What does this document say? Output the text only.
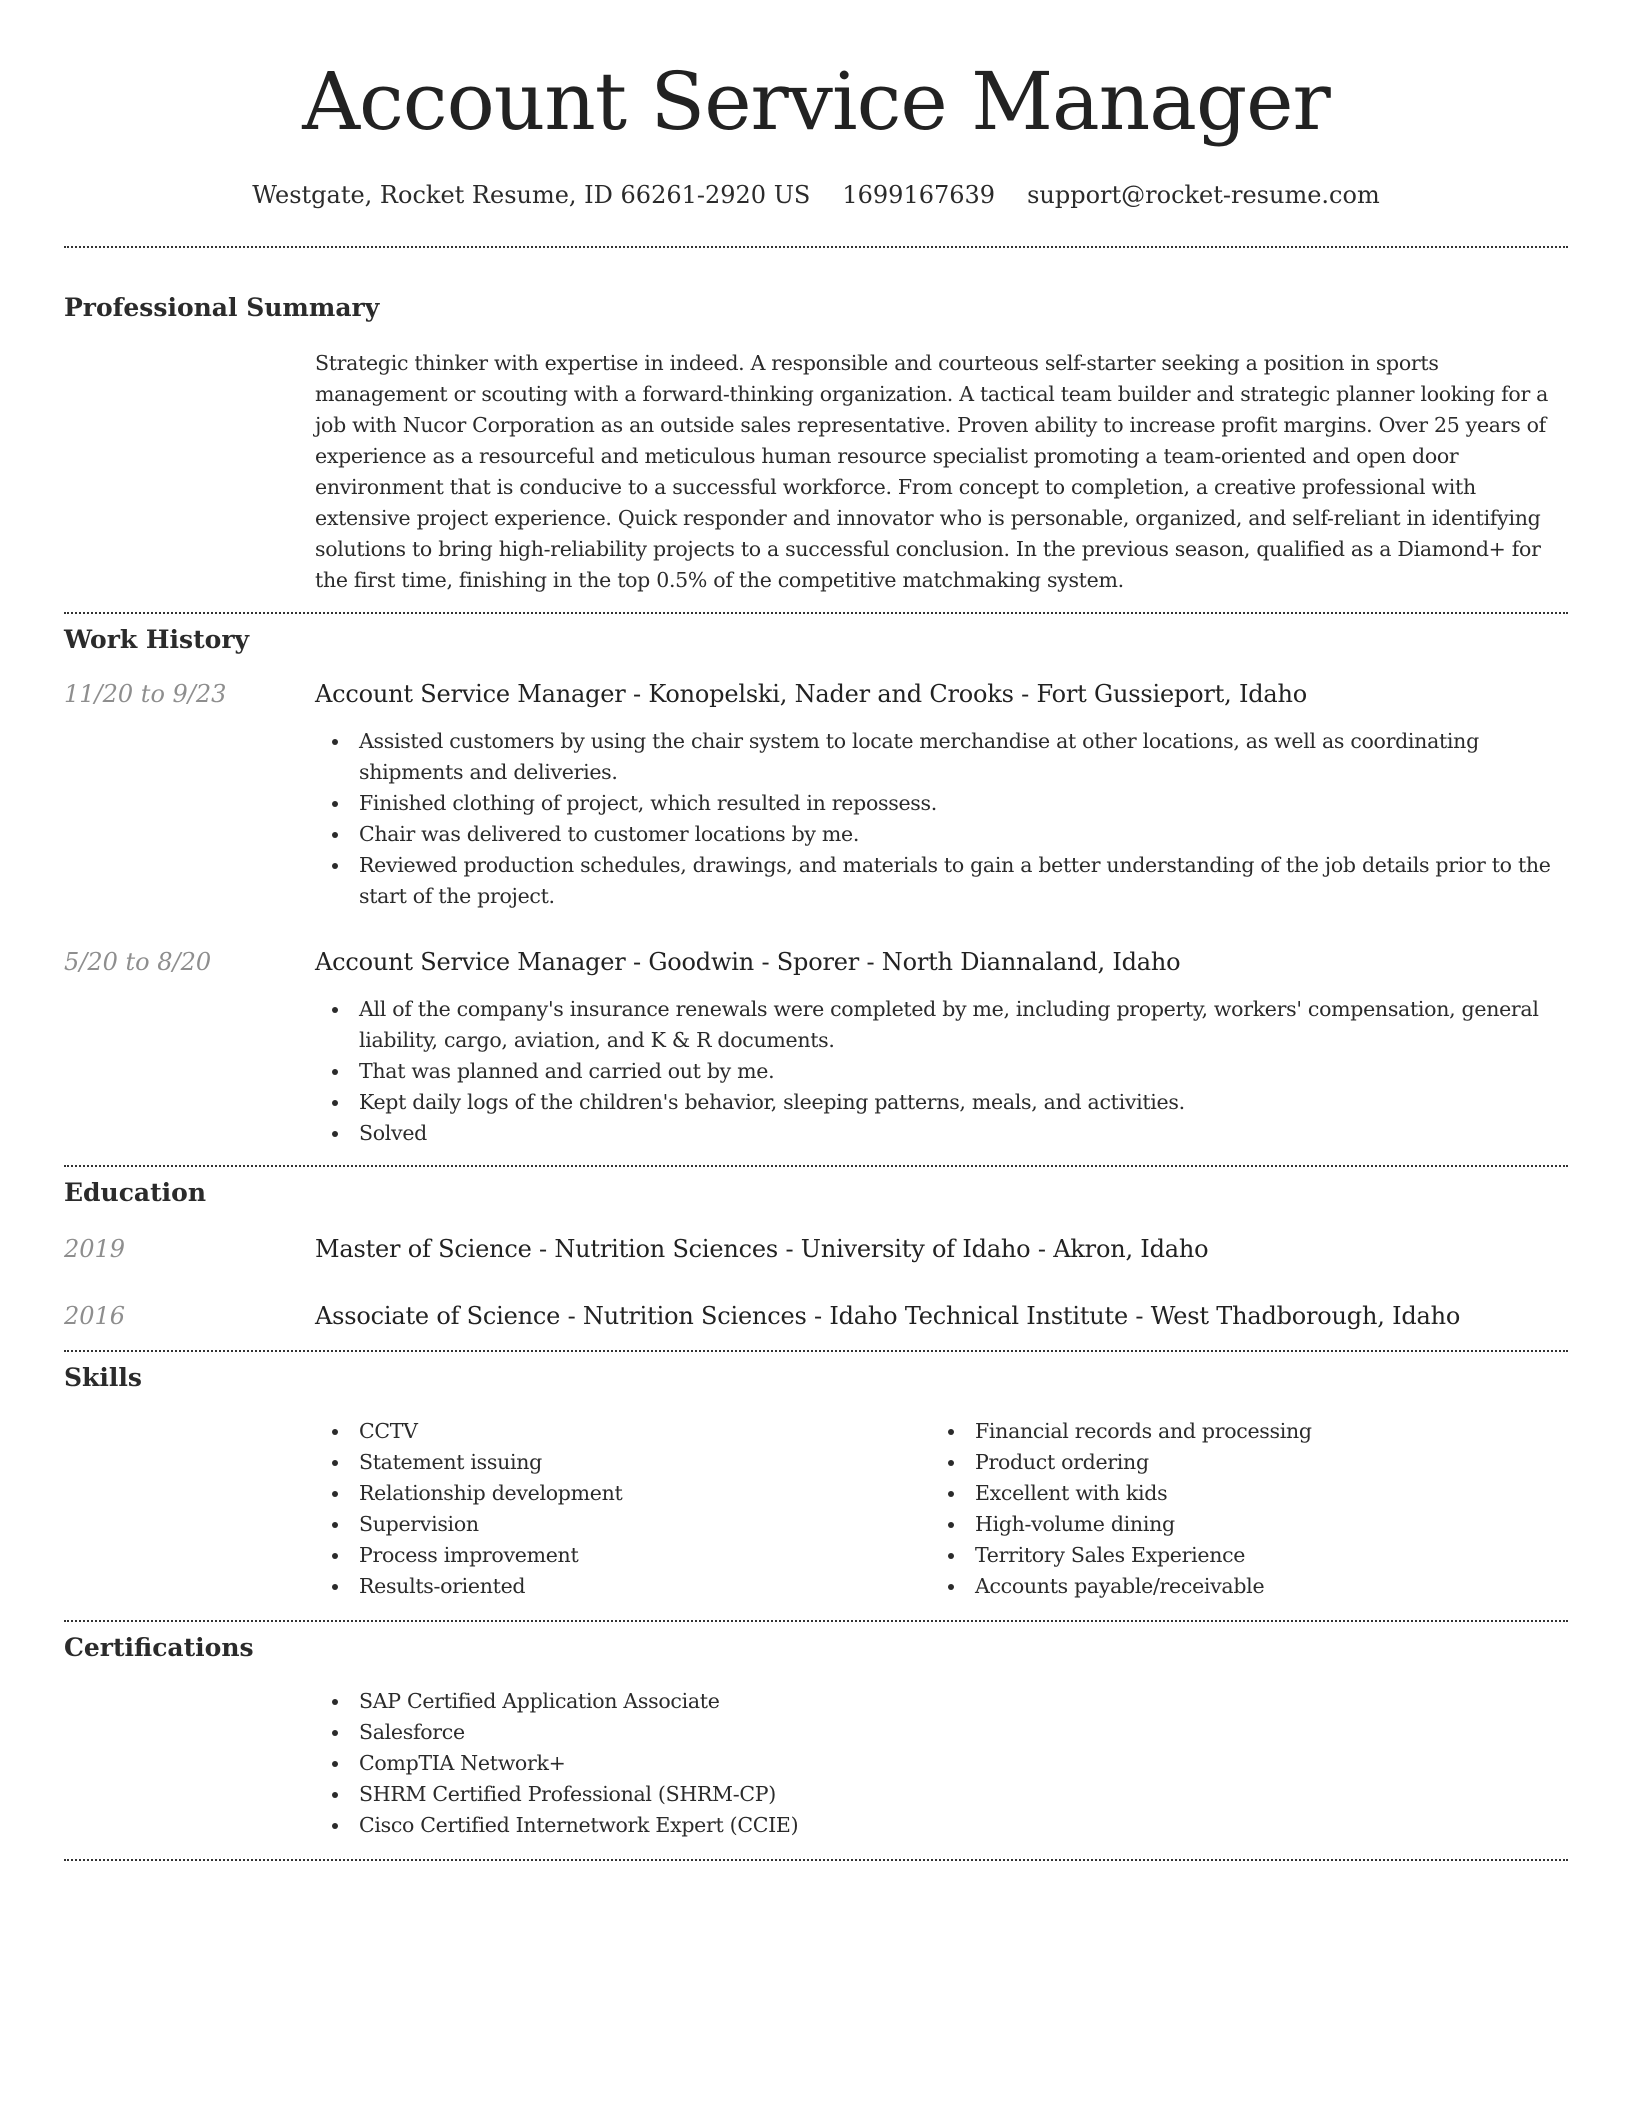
Account Service Manager
Westgate, Rocket Resume, ID 66261-2920 US 1699167639 support@rocket-resume.com
Professional Summary

Strategic thinker with expertise in indeed. A responsible and courteous self-starter seeking a position in sports management or scouting with a forward-thinking organization. A tactical team builder and strategic planner looking for a job with Nucor Corporation as an outside sales representative. Proven ability to increase profit margins. Over 25 years of experience as a resourceful and meticulous human resource specialist promoting a team-oriented and open door environment that is conducive to a successful workforce. From concept to completion, a creative professional with extensive project experience. Quick responder and innovator who is personable, organized, and self-reliant in identifying solutions to bring high-reliability projects to a successful conclusion. In the previous season, qualified as a Diamond+ for the first time, finishing in the top 0.5% of the competitive matchmaking system.

Work History
11/20 to 9/23	Account Service Manager - Konopelski, Nader and Crooks - Fort Gussieport, Idaho
Assisted customers by using the chair system to locate merchandise at other locations, as well as coordinating shipments and deliveries.
Finished clothing of project, which resulted in repossess.
Chair was delivered to customer locations by me.
Reviewed production schedules, drawings, and materials to gain a better understanding of the job details prior to the start of the project.
5/20 to 8/20	Account Service Manager - Goodwin - Sporer - North Diannaland, Idaho
All of the company's insurance renewals were completed by me, including property, workers' compensation, general liability, cargo, aviation, and K & R documents.
That was planned and carried out by me.
Kept daily logs of the children's behavior, sleeping patterns, meals, and activities.
Solved
Education
2019	Master of Science - Nutrition Sciences - University of Idaho - Akron, Idaho
2016	Associate of Science - Nutrition Sciences - Idaho Technical Institute - West Thadborough, Idaho
Skills
CCTV
Statement issuing
Relationship development
Supervision
Process improvement
Results-oriented
Financial records and processing
Product ordering
Excellent with kids
High-volume dining
Territory Sales Experience
Accounts payable/receivable
Certifications
SAP Certified Application Associate
Salesforce
CompTIA Network+
SHRM Certified Professional (SHRM-CP)
Cisco Certified Internetwork Expert (CCIE)
